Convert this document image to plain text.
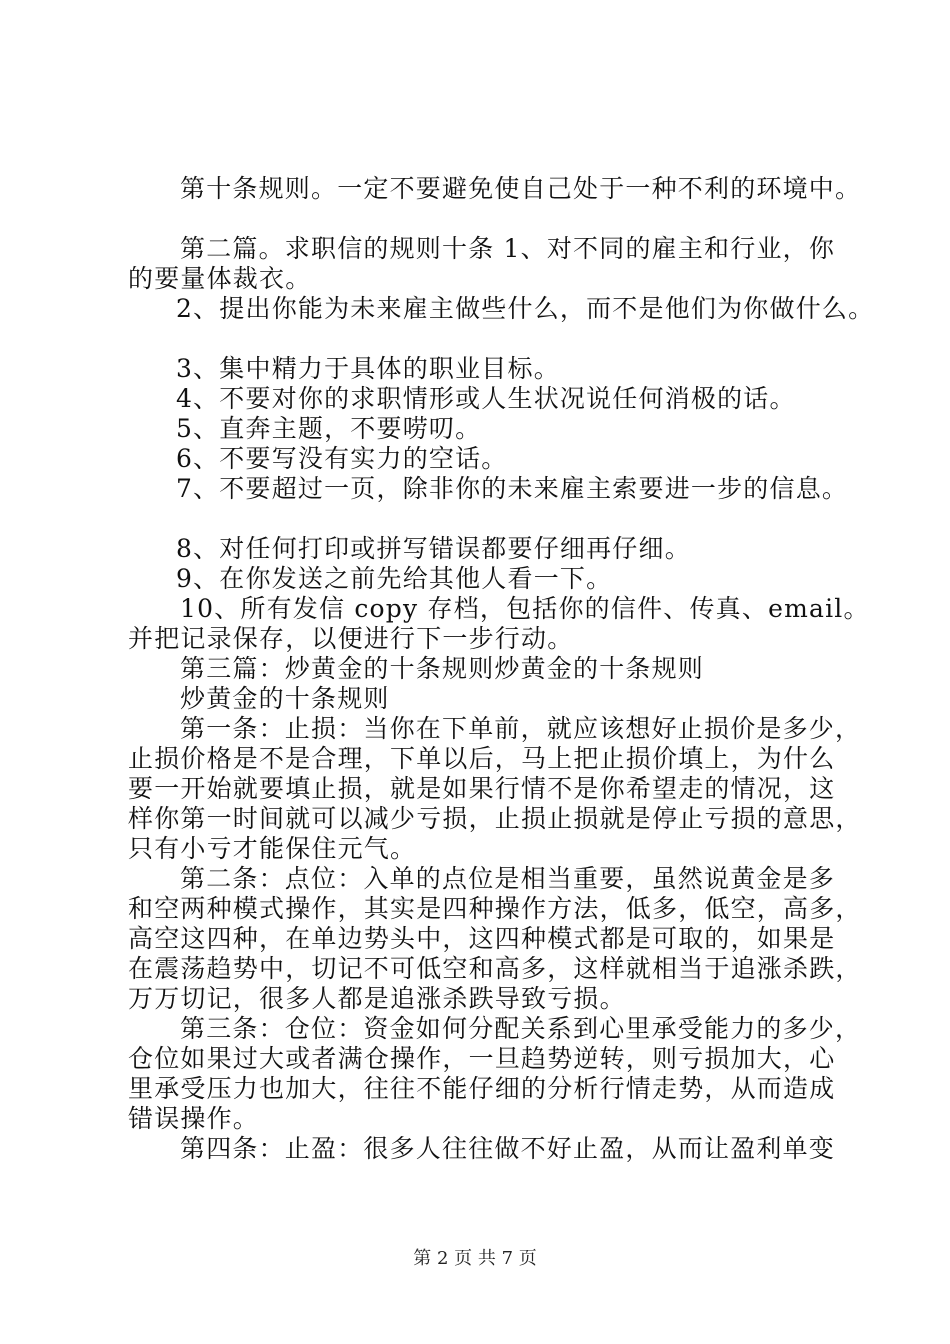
第十条规则。一定不要避免使自己处于一种不利的环境中。

第二篇。求职信的规则十条 1、对不同的雇主和行业，你

的要量体裁衣。

2、提出你能为未来雇主做些什么，而不是他们为你做什么。

3、集中精力于具体的职业目标。

4、不要对你的求职情形或人生状况说任何消极的话。

5、直奔主题，不要唠叨。

6、不要写没有实力的空话。

7、不要超过一页，除非你的未来雇主索要进一步的信息。

8、对任何打印或拼写错误都要仔细再仔细。

9、在你发送之前先给其他人看一下。

10、所有发信 copy 存档，包括你的信件、传真、email。

并把记录保存，以便进行下一步行动。

第三篇：炒黄金的十条规则炒黄金的十条规则

炒黄金的十条规则

第一条：止损：当你在下单前，就应该想好止损价是多少，

止损价格是不是合理，下单以后，马上把止损价填上，为什么

要一开始就要填止损，就是如果行情不是你希望走的情况，这

样你第一时间就可以减少亏损，止损止损就是停止亏损的意思，

只有小亏才能保住元气。

第二条：点位：入单的点位是相当重要，虽然说黄金是多

和空两种模式操作，其实是四种操作方法，低多，低空，高多，

高空这四种，在单边势头中，这四种模式都是可取的，如果是

在震荡趋势中，切记不可低空和高多，这样就相当于追涨杀跌，

万万切记，很多人都是追涨杀跌导致亏损。

第三条：仓位：资金如何分配关系到心里承受能力的多少，

仓位如果过大或者满仓操作，一旦趋势逆转，则亏损加大，心

里承受压力也加大，往往不能仔细的分析行情走势，从而造成

错误操作。

第四条：止盈：很多人往往做不好止盈，从而让盈利单变

第 2 页 共 7 页
